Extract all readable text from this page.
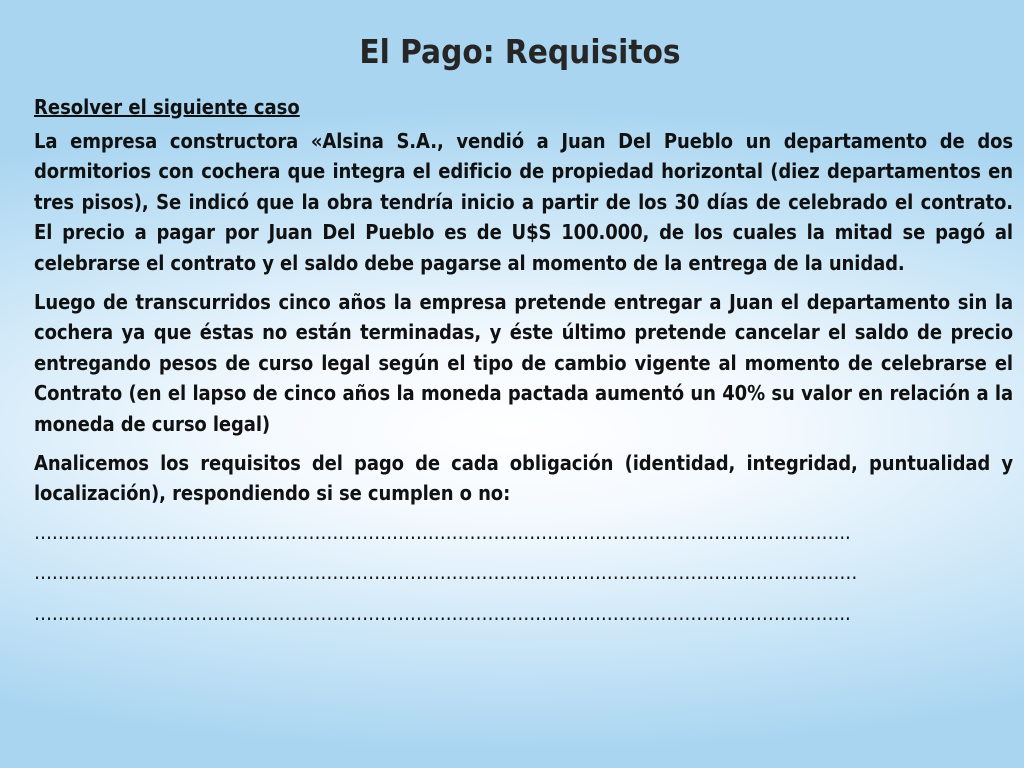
El Pago: Requisitos

Resolver el siguiente caso

La empresa constructora «Alsina S.A., vendió a Juan Del Pueblo un departamento de dos dormitorios con cochera que integra el edificio de propiedad horizontal (diez departamentos en tres pisos), Se indicó que la obra tendría inicio a partir de los 30 días de celebrado el contrato. El precio a pagar por Juan Del Pueblo es de U$S 100.000, de los cuales la mitad se pagó al celebrarse el contrato y el saldo debe pagarse al momento de la entrega de la unidad.

Luego de transcurridos cinco años la empresa pretende entregar a Juan el departamento sin la cochera ya que éstas no están terminadas, y éste último pretende cancelar el saldo de precio entregando pesos de curso legal según el tipo de cambio vigente al momento de celebrarse el Contrato (en el lapso de cinco años la moneda pactada aumentó un 40% su valor en relación a la moneda de curso legal)

Analicemos los requisitos del pago de cada obligación (identidad, integridad, puntualidad y localización), respondiendo si se cumplen o no:

………………………………………………………………………………………………………………………..

…………………………………………………………………………………………………………………………

………………………………………………………………………………………………………………………..
